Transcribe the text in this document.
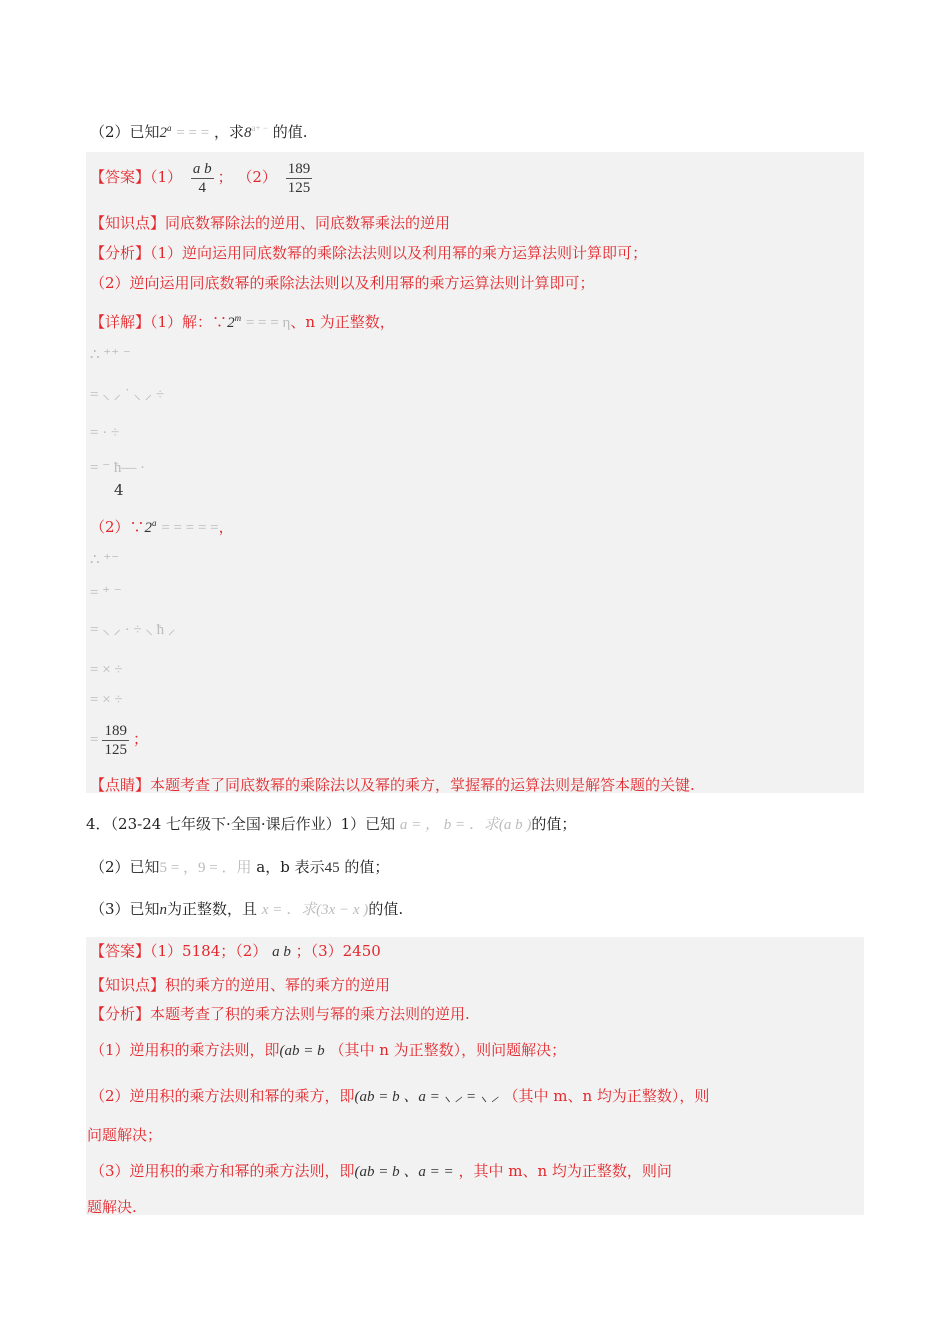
（2）已知$2^a$ = = = ，求$8^{a+ -}$ 的值.
【答案】$(1) \frac{\text{a b}}{4}$ ； $(2) \frac{189}{125}$
【知识点】同底数幂除法的逆用、同底数幂乘法的逆用
【分析】（1）逆向运用同底数幂的乘除法法则以及利用幂的乘方运算法则计算即可；
（2）逆向运用同底数幂的乘除法法则以及利用幂的乘方运算法则计算即可；
【详解】（1）解：$\because 2^m$ = = = η、n 为正整数，
∴ ⁺⁺ ⁻
= ⸜ ⸝ ˙ ⸜ ⸝ ÷
= · ÷
= ⁻ ħ— ·
4
$(2)\because 2^a$ = = = = =，
∴ ⁺⁻
= ⁺ ⁻
= ⸜ ⸝ · ÷ ⸜ ħ ⸝
= × ÷
= × ÷
= $\frac{189}{125}$ ；
【点睛】本题考查了同底数幂的乘除法以及幂的乘方，掌握幂的运算法则是解答本题的关键.
4．（23-24 七年级下·全国·课后作业）1）已知 a = ， b = ．求(a b )的值；
（2）已知5 = ，9 = ．用 a，b 表示45 的值；
（3）已知n为正整数，且 x = ．求(3x − x )的值.
【答案】（1）5184；（2） a b ；（3）2450
【知识点】积的乘方的逆用、幂的乘方的逆用
【分析】本题考查了积的乘方法则与幂的乘方法则的逆用.
（1）逆用积的乘方法则，即(ab = b （其中 n 为正整数），则问题解决；
（2）逆用积的乘方法则和幂的乘方，即(ab = b 、a = ⸜ ⸝ = ⸜ ⸝ （其中 m、n 均为正整数），则
问题解决；
（3）逆用积的乘方和幂的乘方法则，即(ab = b 、a = = ，其中 m、n 均为正整数，则问
题解决.
